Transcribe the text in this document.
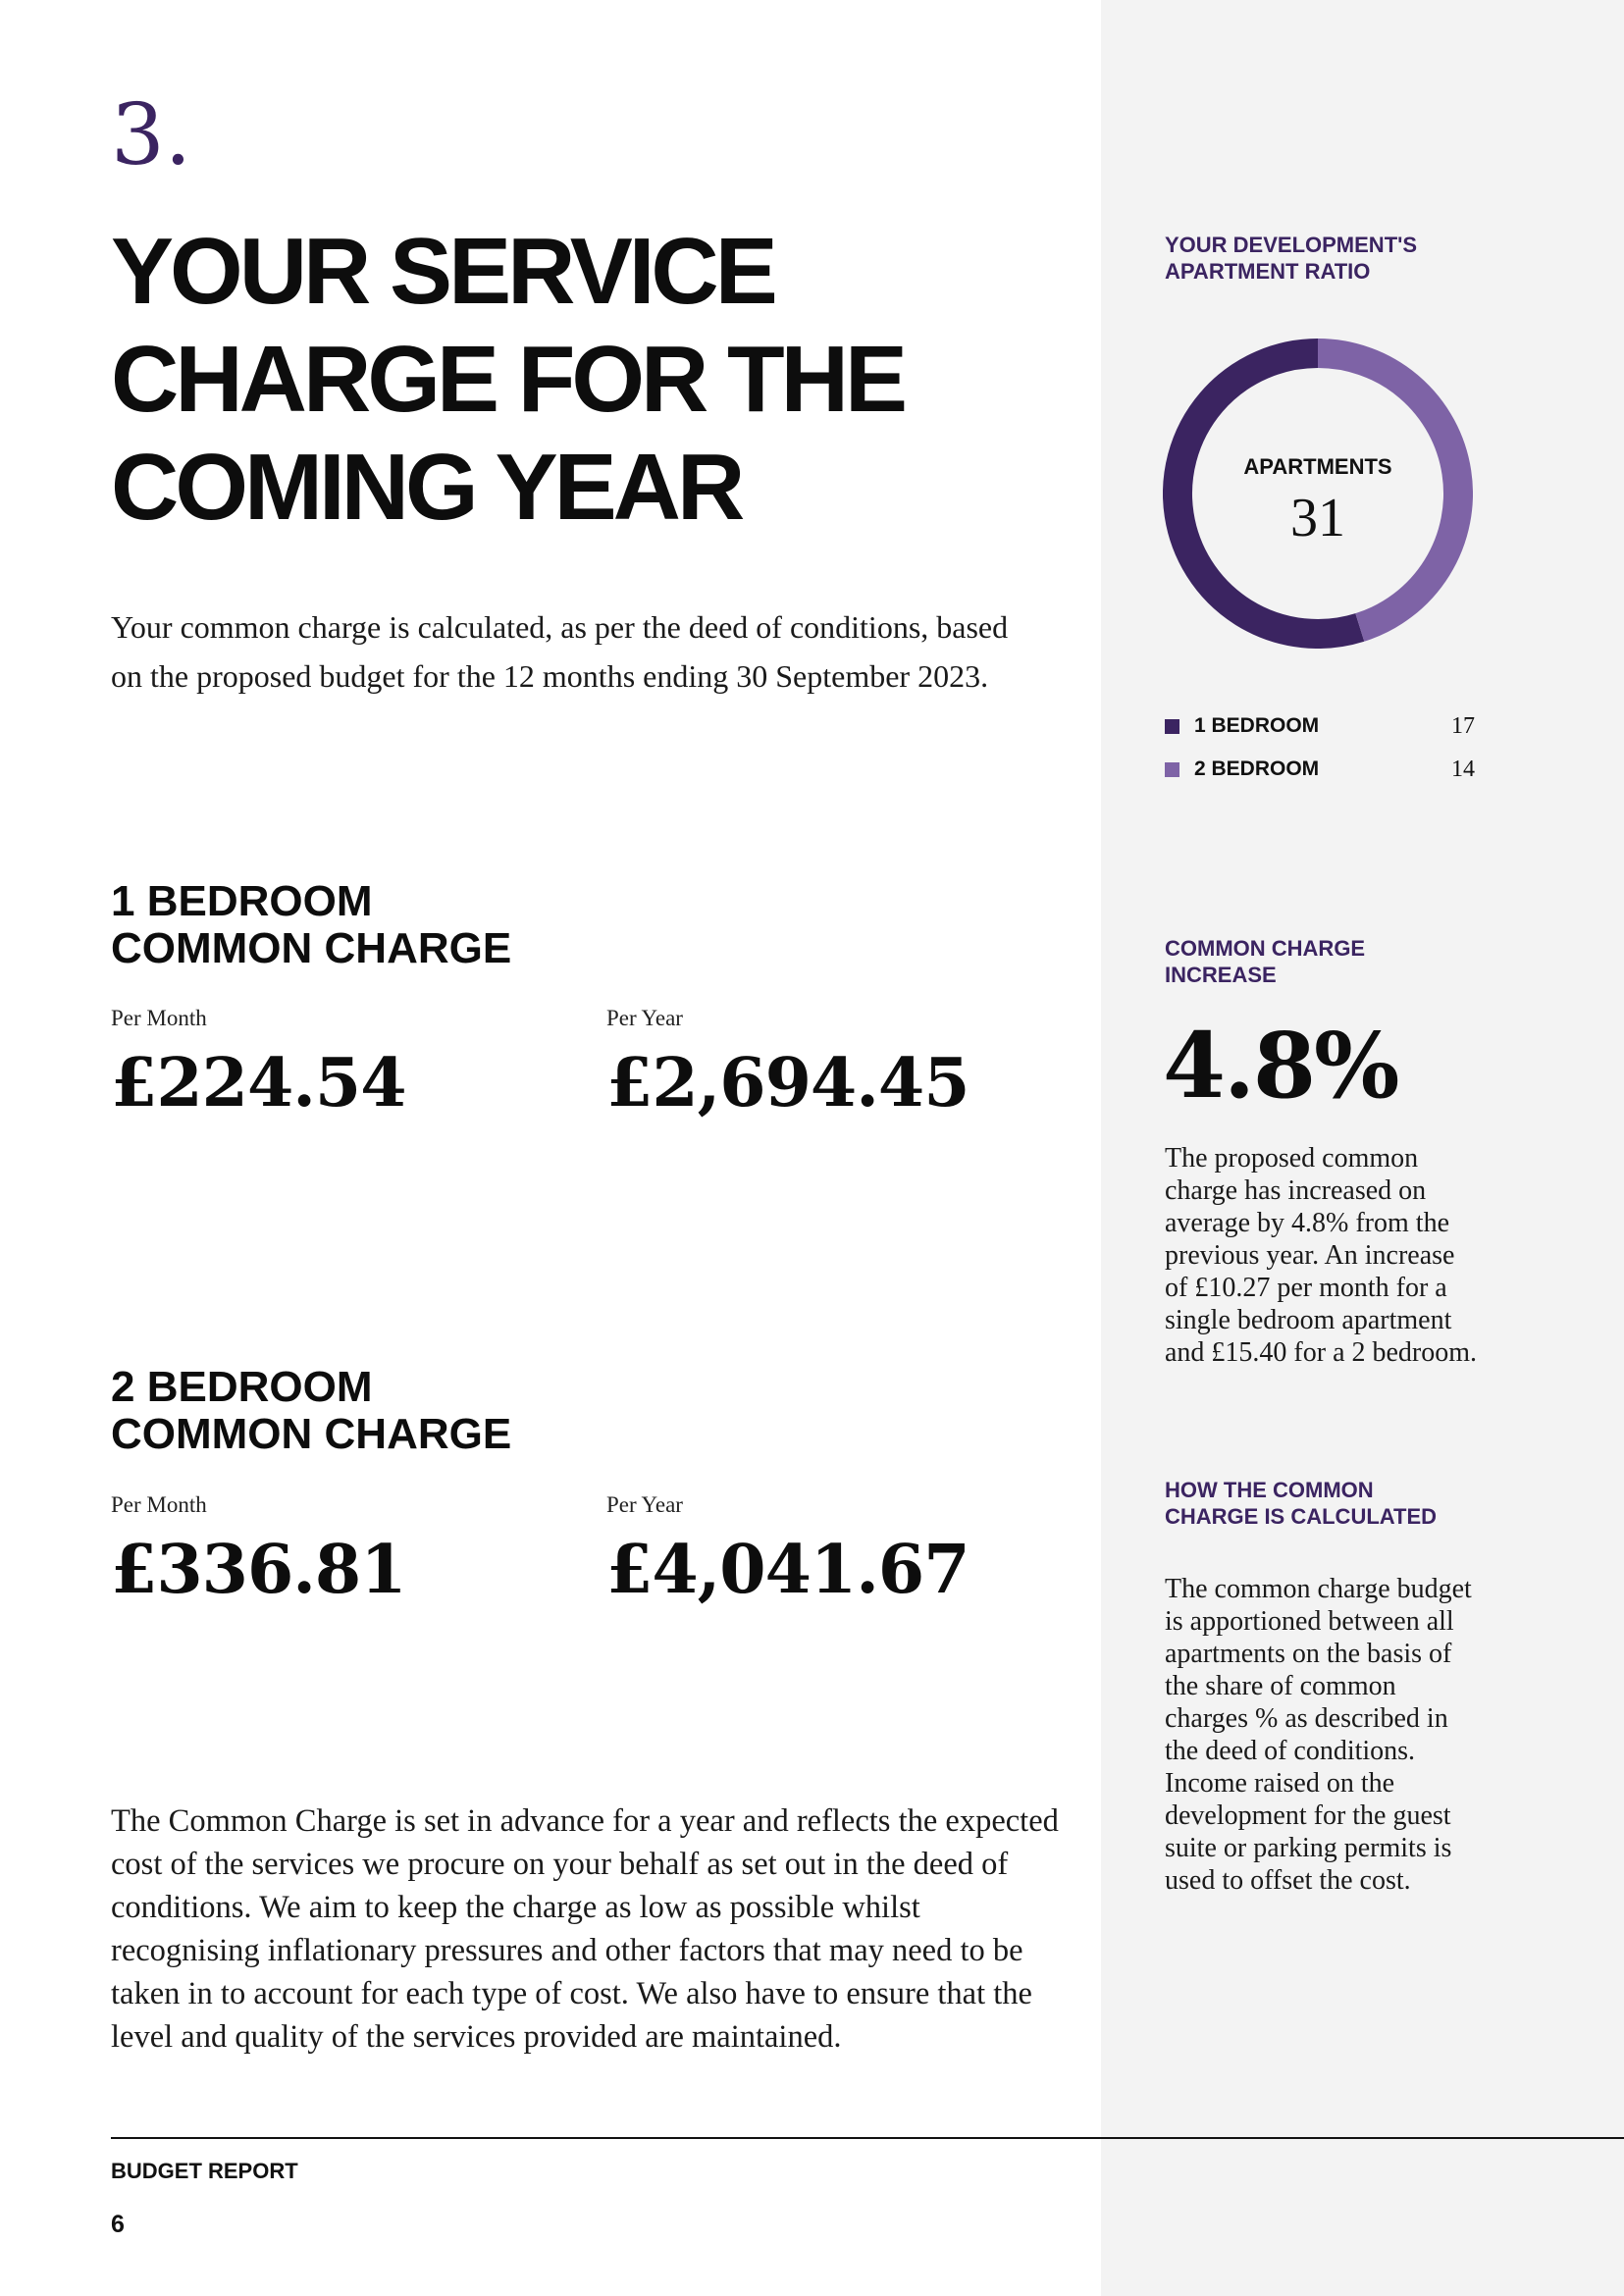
3.
YOUR SERVICE
CHARGE FOR THE
COMING YEAR

Your common charge is calculated, as per the deed of conditions, based on the proposed budget for the 12 months ending 30 September 2023.

1 BEDROOM
COMMON CHARGE
Per Month
£224.54
Per Year
£2,694.45
2 BEDROOM
COMMON CHARGE
Per Month
£336.81
Per Year
£4,041.67

The Common Charge is set in advance for a year and reflects the expected cost of the services we procure on your behalf as set out in the deed of conditions. We aim to keep the charge as low as possible whilst recognising inflationary pressures and other factors that may need to be taken in to account for each type of cost. We also have to ensure that the level and quality of the services provided are maintained.

BUDGET REPORT
6
YOUR DEVELOPMENT'S
APARTMENT RATIO
APARTMENTS
31
1 BEDROOM	17
2 BEDROOM	14
COMMON CHARGE
INCREASE
4.8%

The proposed common charge has increased on average by 4.8% from the previous year. An increase of £10.27 per month for a single bedroom apartment and £15.40 for a 2 bedroom.

HOW THE COMMON
CHARGE IS CALCULATED

The common charge budget is apportioned between all apartments on the basis of the share of common charges % as described in the deed of conditions. Income raised on the development for the guest suite or parking permits is used to offset the cost.
